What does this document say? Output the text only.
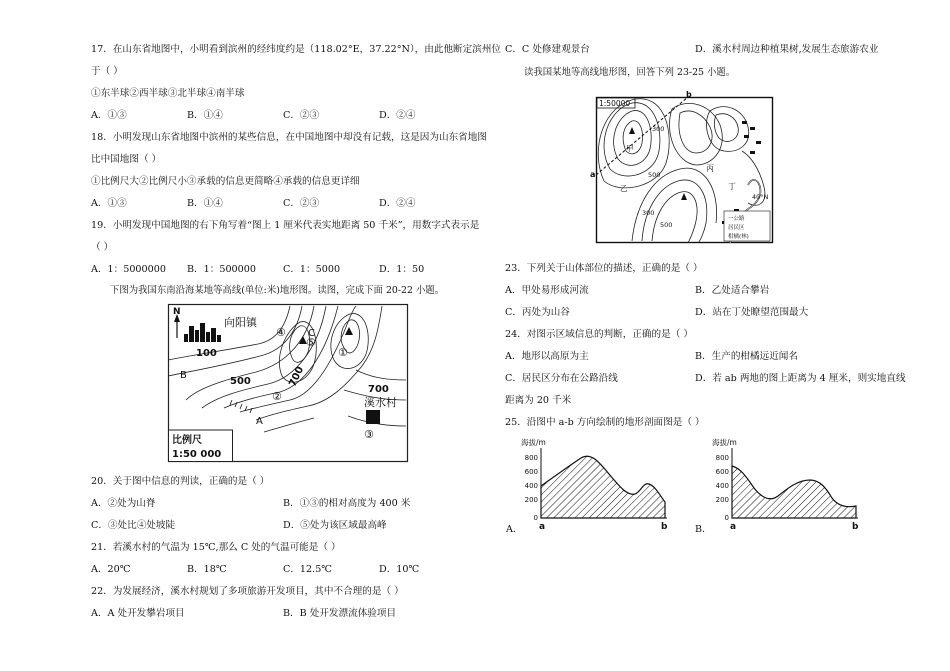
17．在山东省地图中，小明看到滨州的经纬度约是（118.02°E，37.22°N），由此他断定滨州位
于（ ）
①东半球②西半球③北半球④南半球
A．①③	B．①④	C．②③	D．②④
18．小明发现山东省地图中滨州的某些信息，在中国地图中却没有记载，这是因为山东省地图
比中国地图（ ）
①比例尺大②比例尺小③承载的信息更简略④承载的信息更详细
A．①③	B．①④	C．②③	D．②④
19．小明发现中国地图的右下角写着“图上 1 厘米代表实地距离 50 千米”，用数字式表示是
（ ）
A．1：5000000 B．1：500000	C．1：5000	D．1：50
下图为我国东南沿海某地等高线(单位:米)地形图。读图，完成下面 20-22 小题。
N
向阳镇
100
500	700
700
溪水村
A
B
C
①
②
③
④
⑤
比例尺
1:50 000
20．关于图中信息的判读，正确的是（ ）
A．②处为山脊	B．①③的相对高度为 400 米
C．③处比④处坡陡	D．⑤处为该区域最高峰
21．若溪水村的气温为 15℃,那么 C 处的气温可能是（ ）
A．20℃	B．18℃	C．12.5℃	D．10℃
22．为发展经济，溪水村规划了多项旅游开发项目，其中不合理的是（ ）
A．A 处开发攀岩项目	B．B 处开发漂流体验项目
C．C 处修建观景台	D．溪水村周边种植果树,发展生态旅游农业
读我国某地等高线地形图，回答下列 23-25 小题。
1:50000
a
b
甲
乙
丙
丁
300
300
500
500
40°N
一公路
居民区
柑橘(林)
23．下列关于山体部位的描述，正确的是（ ）
A．甲处易形成河流	B．乙处适合攀岩
C．丙处为山谷	D．站在丁处瞭望范围最大
24．对图示区域信息的判断，正确的是（ ）
A．地形以高原为主	B．生产的柑橘远近闻名
C．居民区分布在公路沿线	D．若 ab 两地的图上距离为 4 厘米，则实地直线
距离为 20 千米
25．沿图中 a-b 方向绘制的地形剖面图是（ ）
海拔/m
800
600
400
200
0
a	b
A．
海拔/m
800
600
400
200
0
a	b
B．
